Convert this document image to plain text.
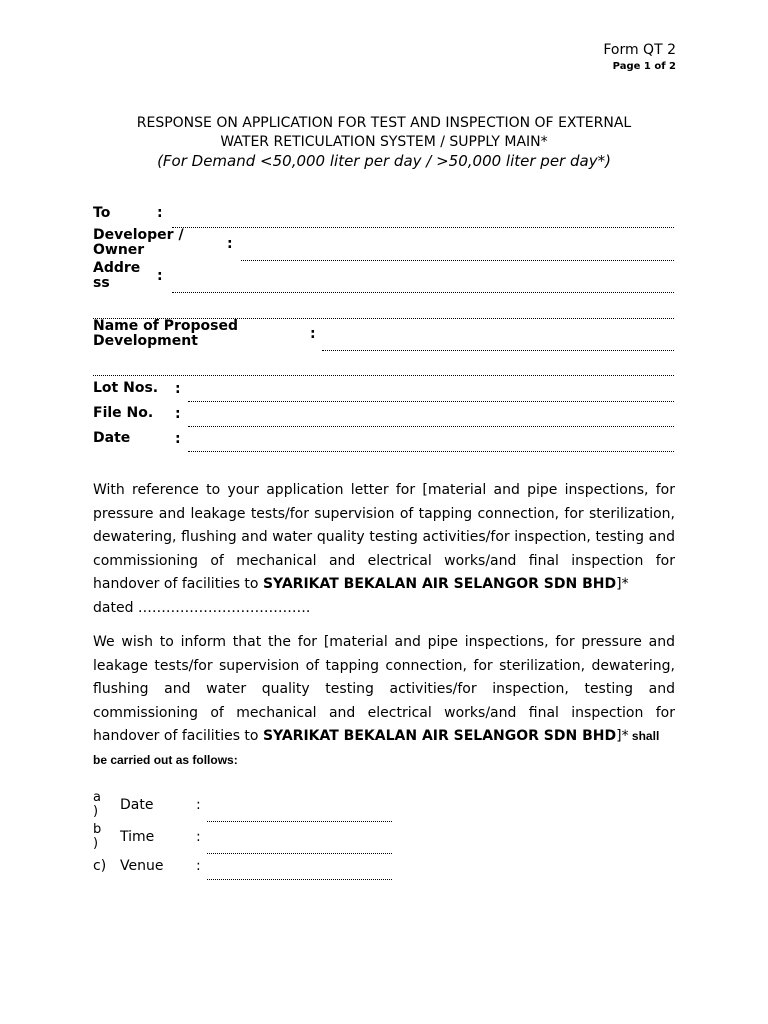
Form QT 2
Page 1 of 2
RESPONSE ON APPLICATION FOR TEST AND INSPECTION OF EXTERNAL
WATER RETICULATION SYSTEM / SUPPLY MAIN*
(For Demand <50,000 liter per day / >50,000 liter per day*)
To	:
Developer /
Owner	:
Addre
ss	:
Name of Proposed
Development	:
Lot Nos. :
File No. :
Date	:
With reference to your application letter for [material and pipe inspections, for pressure and leakage tests/for supervision of tapping connection, for sterilization, dewatering, flushing and water quality testing activities/for inspection, testing and commissioning of mechanical and electrical works/and final inspection for handover of facilities to SYARIKAT BEKALAN AIR SELANGOR SDN BHD]*
dated ……………………………….
We wish to inform that the for [material and pipe inspections, for pressure and leakage tests/for supervision of tapping connection, for sterilization, dewatering, flushing and water quality testing activities/for inspection, testing and commissioning of mechanical and electrical works/and final inspection for handover of facilities to SYARIKAT BEKALAN AIR SELANGOR SDN BHD]* shall
be carried out as follows:
a
) Date	:
b
) Time	:
c) Venue :
